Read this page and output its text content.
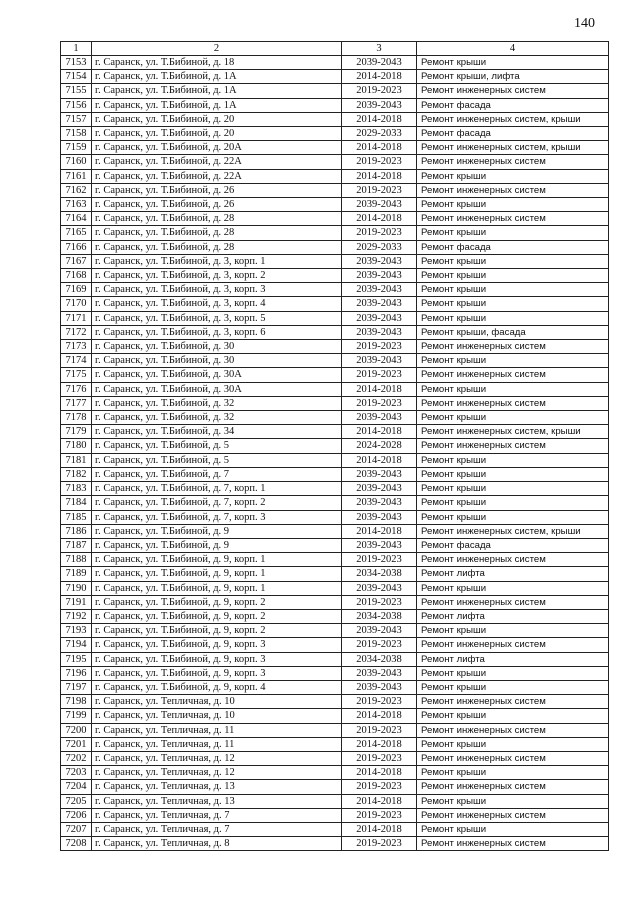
140
1	2	3	4
7153	г. Саранск, ул. Т.Бибиной, д. 18	2039-2043	Ремонт крыши
7154	г. Саранск, ул. Т.Бибиной, д. 1А	2014-2018	Ремонт крыши, лифта
7155	г. Саранск, ул. Т.Бибиной, д. 1А	2019-2023	Ремонт инженерных систем
7156	г. Саранск, ул. Т.Бибиной, д. 1А	2039-2043	Ремонт фасада
7157	г. Саранск, ул. Т.Бибиной, д. 20	2014-2018	Ремонт инженерных систем, крыши
7158	г. Саранск, ул. Т.Бибиной, д. 20	2029-2033	Ремонт фасада
7159	г. Саранск, ул. Т.Бибиной, д. 20А	2014-2018	Ремонт инженерных систем, крыши
7160	г. Саранск, ул. Т.Бибиной, д. 22А	2019-2023	Ремонт инженерных систем
7161	г. Саранск, ул. Т.Бибиной, д. 22А	2014-2018	Ремонт крыши
7162	г. Саранск, ул. Т.Бибиной, д. 26	2019-2023	Ремонт инженерных систем
7163	г. Саранск, ул. Т.Бибиной, д. 26	2039-2043	Ремонт крыши
7164	г. Саранск, ул. Т.Бибиной, д. 28	2014-2018	Ремонт инженерных систем
7165	г. Саранск, ул. Т.Бибиной, д. 28	2019-2023	Ремонт крыши
7166	г. Саранск, ул. Т.Бибиной, д. 28	2029-2033	Ремонт фасада
7167	г. Саранск, ул. Т.Бибиной, д. 3, корп. 1	2039-2043	Ремонт крыши
7168	г. Саранск, ул. Т.Бибиной, д. 3, корп. 2	2039-2043	Ремонт крыши
7169	г. Саранск, ул. Т.Бибиной, д. 3, корп. 3	2039-2043	Ремонт крыши
7170	г. Саранск, ул. Т.Бибиной, д. 3, корп. 4	2039-2043	Ремонт крыши
7171	г. Саранск, ул. Т.Бибиной, д. 3, корп. 5	2039-2043	Ремонт крыши
7172	г. Саранск, ул. Т.Бибиной, д. 3, корп. 6	2039-2043	Ремонт крыши, фасада
7173	г. Саранск, ул. Т.Бибиной, д. 30	2019-2023	Ремонт инженерных систем
7174	г. Саранск, ул. Т.Бибиной, д. 30	2039-2043	Ремонт крыши
7175	г. Саранск, ул. Т.Бибиной, д. 30А	2019-2023	Ремонт инженерных систем
7176	г. Саранск, ул. Т.Бибиной, д. 30А	2014-2018	Ремонт крыши
7177	г. Саранск, ул. Т.Бибиной, д. 32	2019-2023	Ремонт инженерных систем
7178	г. Саранск, ул. Т.Бибиной, д. 32	2039-2043	Ремонт крыши
7179	г. Саранск, ул. Т.Бибиной, д. 34	2014-2018	Ремонт инженерных систем, крыши
7180	г. Саранск, ул. Т.Бибиной, д. 5	2024-2028	Ремонт инженерных систем
7181	г. Саранск, ул. Т.Бибиной, д. 5	2014-2018	Ремонт крыши
7182	г. Саранск, ул. Т.Бибиной, д. 7	2039-2043	Ремонт крыши
7183	г. Саранск, ул. Т.Бибиной, д. 7, корп. 1	2039-2043	Ремонт крыши
7184	г. Саранск, ул. Т.Бибиной, д. 7, корп. 2	2039-2043	Ремонт крыши
7185	г. Саранск, ул. Т.Бибиной, д. 7, корп. 3	2039-2043	Ремонт крыши
7186	г. Саранск, ул. Т.Бибиной, д. 9	2014-2018	Ремонт инженерных систем, крыши
7187	г. Саранск, ул. Т.Бибиной, д. 9	2039-2043	Ремонт фасада
7188	г. Саранск, ул. Т.Бибиной, д. 9, корп. 1	2019-2023	Ремонт инженерных систем
7189	г. Саранск, ул. Т.Бибиной, д. 9, корп. 1	2034-2038	Ремонт лифта
7190	г. Саранск, ул. Т.Бибиной, д. 9, корп. 1	2039-2043	Ремонт крыши
7191	г. Саранск, ул. Т.Бибиной, д. 9, корп. 2	2019-2023	Ремонт инженерных систем
7192	г. Саранск, ул. Т.Бибиной, д. 9, корп. 2	2034-2038	Ремонт лифта
7193	г. Саранск, ул. Т.Бибиной, д. 9, корп. 2	2039-2043	Ремонт крыши
7194	г. Саранск, ул. Т.Бибиной, д. 9, корп. 3	2019-2023	Ремонт инженерных систем
7195	г. Саранск, ул. Т.Бибиной, д. 9, корп. 3	2034-2038	Ремонт лифта
7196	г. Саранск, ул. Т.Бибиной, д. 9, корп. 3	2039-2043	Ремонт крыши
7197	г. Саранск, ул. Т.Бибиной, д. 9, корп. 4	2039-2043	Ремонт крыши
7198	г. Саранск, ул. Тепличная, д. 10	2019-2023	Ремонт инженерных систем
7199	г. Саранск, ул. Тепличная, д. 10	2014-2018	Ремонт крыши
7200	г. Саранск, ул. Тепличная, д. 11	2019-2023	Ремонт инженерных систем
7201	г. Саранск, ул. Тепличная, д. 11	2014-2018	Ремонт крыши
7202	г. Саранск, ул. Тепличная, д. 12	2019-2023	Ремонт инженерных систем
7203	г. Саранск, ул. Тепличная, д. 12	2014-2018	Ремонт крыши
7204	г. Саранск, ул. Тепличная, д. 13	2019-2023	Ремонт инженерных систем
7205	г. Саранск, ул. Тепличная, д. 13	2014-2018	Ремонт крыши
7206	г. Саранск, ул. Тепличная, д. 7	2019-2023	Ремонт инженерных систем
7207	г. Саранск, ул. Тепличная, д. 7	2014-2018	Ремонт крыши
7208	г. Саранск, ул. Тепличная, д. 8	2019-2023	Ремонт инженерных систем
